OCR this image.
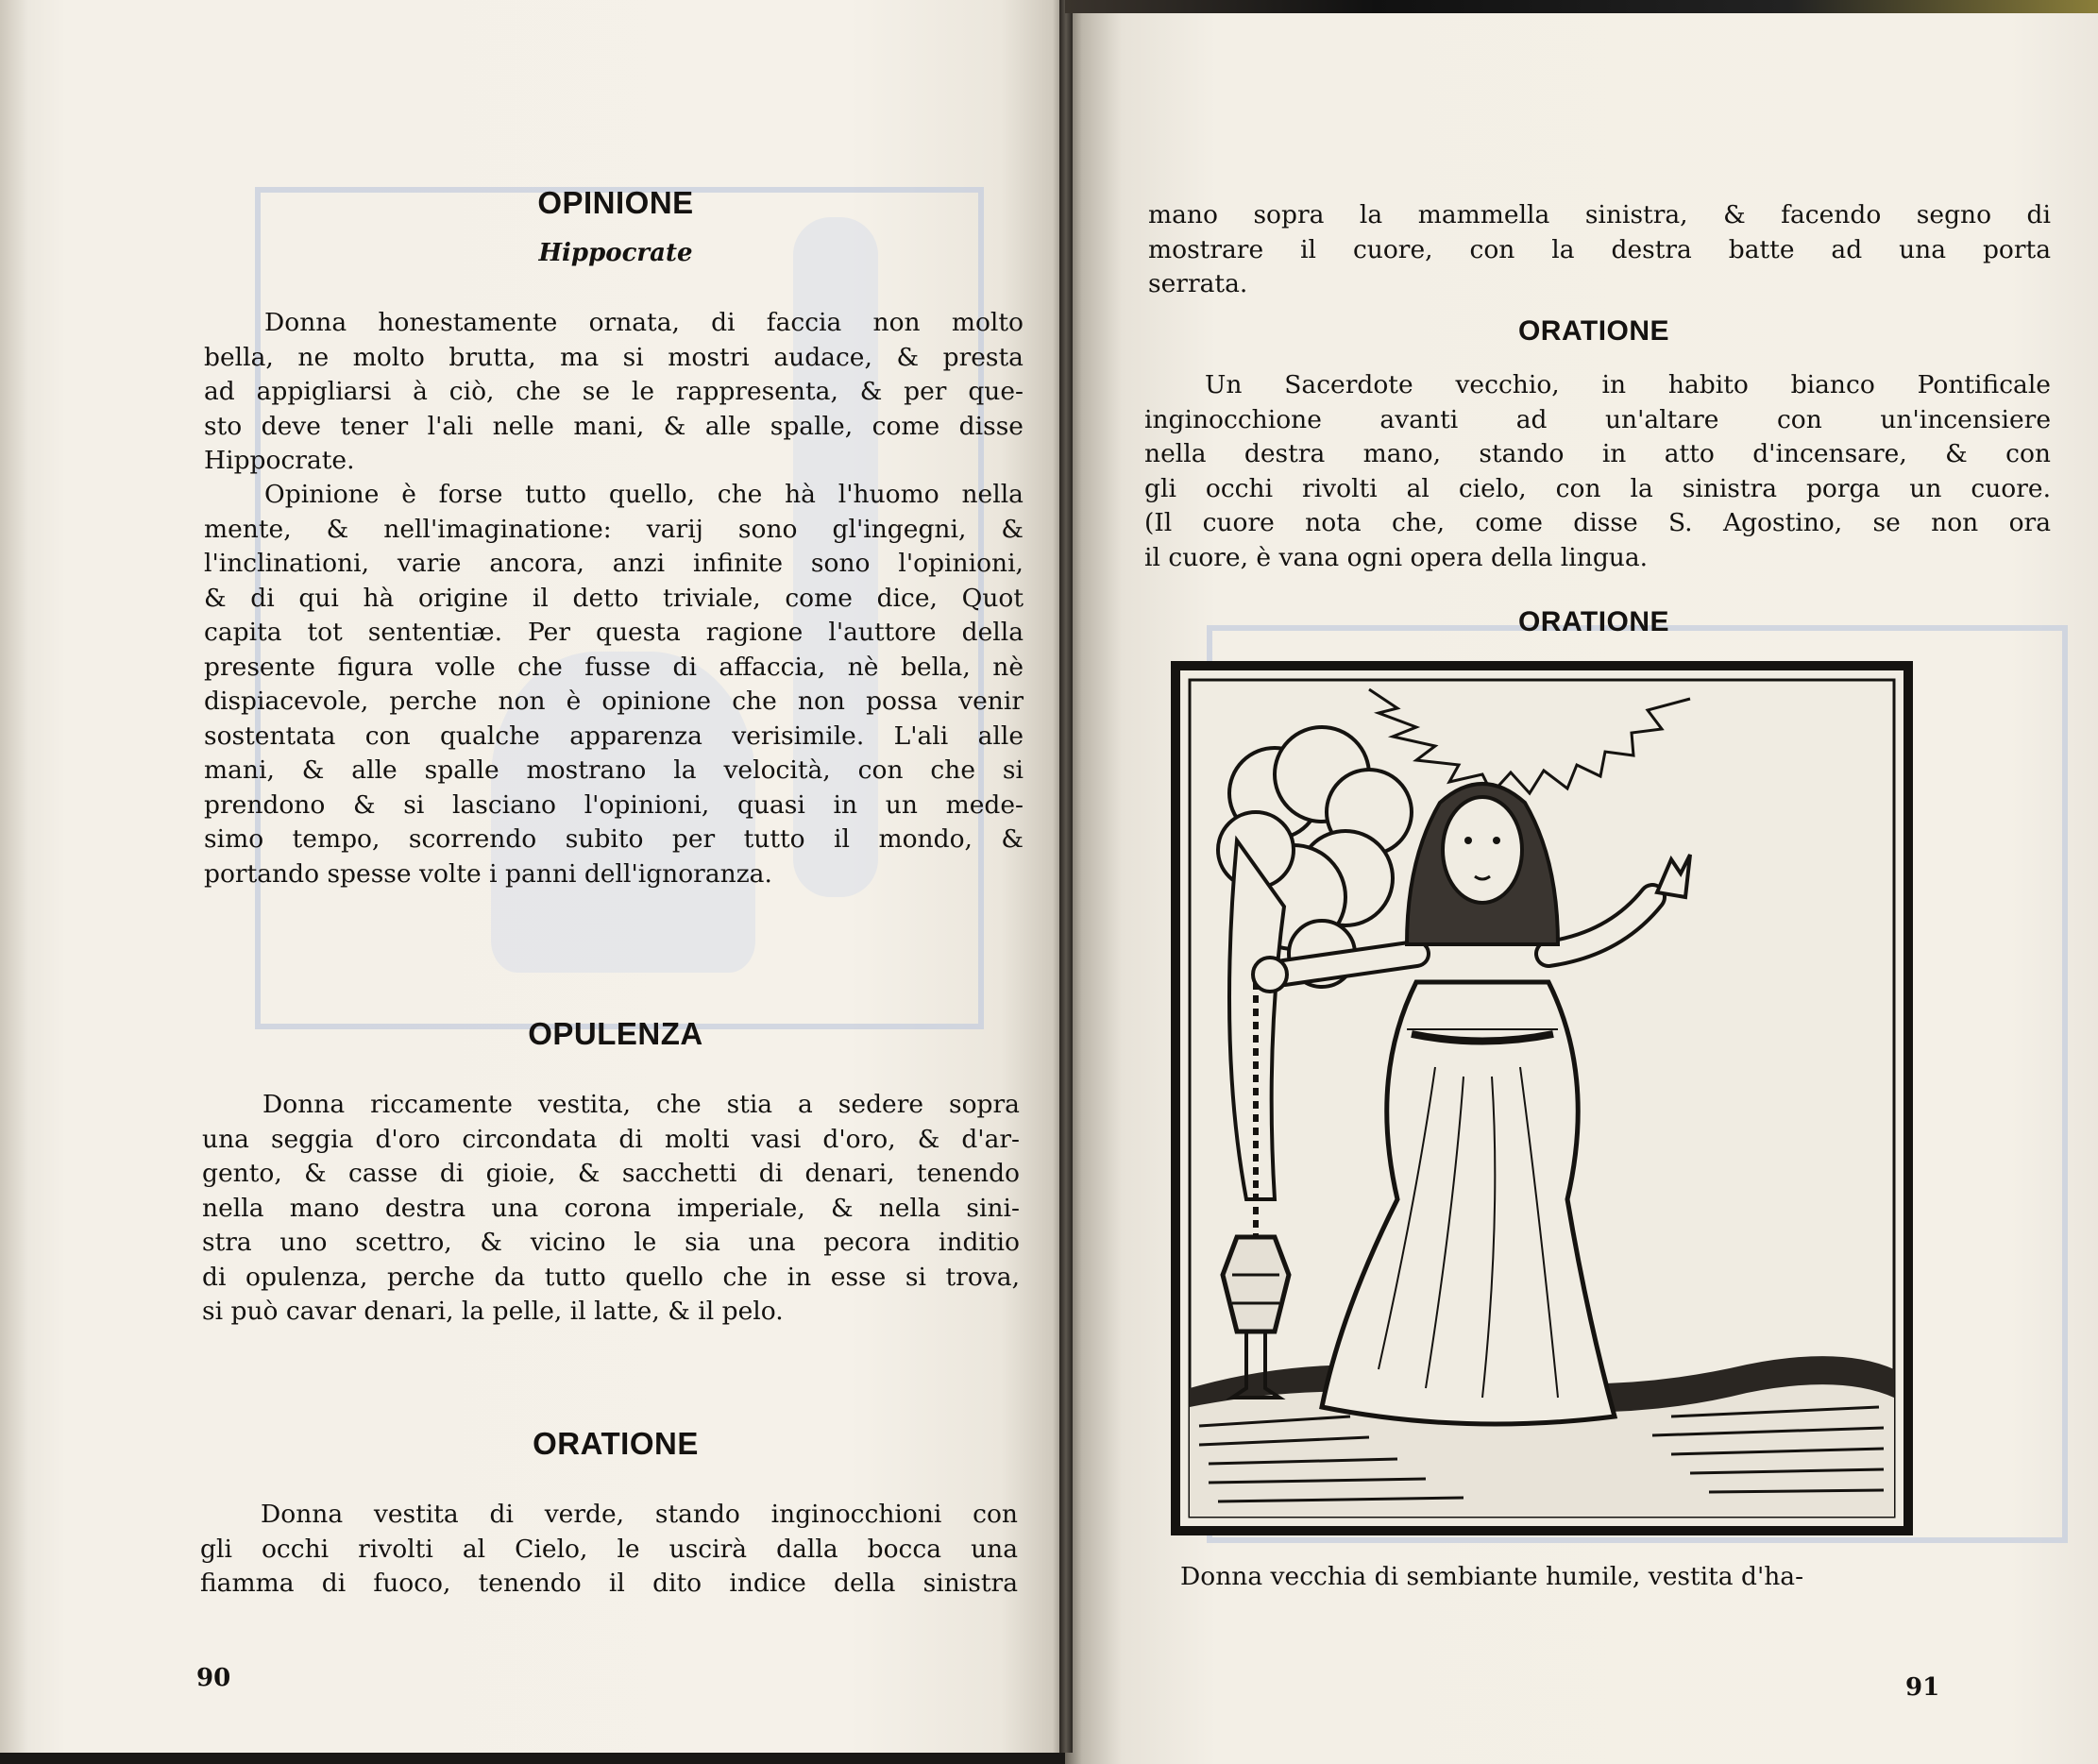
OPINIONE
Hippocrate
Donna honestamente ornata, di faccia non molto
bella, ne molto brutta, ma si mostri audace, & presta
ad appigliarsi à ciò, che se le rappresenta, & per que-
sto deve tener l'ali nelle mani, & alle spalle, come disse
Hippocrate.
Opinione è forse tutto quello, che hà l'huomo nella
mente, & nell'imaginatione: varij sono gl'ingegni, &
l'inclinationi, varie ancora, anzi infinite sono l'opinioni,
& di qui hà origine il detto triviale, come dice, Quot
capita tot sententiæ. Per questa ragione l'auttore della
presente figura volle che fusse di affaccia, nè bella, nè
dispiacevole, perche non è opinione che non possa venir
sostentata con qualche apparenza verisimile. L'ali alle
mani, & alle spalle mostrano la velocità, con che si
prendono & si lasciano l'opinioni, quasi in un mede-
simo tempo, scorrendo subito per tutto il mondo, &
portando spesse volte i panni dell'ignoranza.
OPULENZA
Donna riccamente vestita, che stia a sedere sopra
una seggia d'oro circondata di molti vasi d'oro, & d'ar-
gento, & casse di gioie, & sacchetti di denari, tenendo
nella mano destra una corona imperiale, & nella sini-
stra uno scettro, & vicino le sia una pecora inditio
di opulenza, perche da tutto quello che in esse si trova,
si può cavar denari, la pelle, il latte, & il pelo.
ORATIONE
Donna vestita di verde, stando inginocchioni con
gli occhi rivolti al Cielo, le uscirà dalla bocca una
fiamma di fuoco, tenendo il dito indice della sinistra
90
mano sopra la mammella sinistra, & facendo segno di
mostrare il cuore, con la destra batte ad una porta
serrata.
ORATIONE
Un Sacerdote vecchio, in habito bianco Pontificale
inginocchione avanti ad un'altare con un'incensiere
nella destra mano, stando in atto d'incensare, & con
gli occhi rivolti al cielo, con la sinistra porga un cuore.
(Il cuore nota che, come disse S. Agostino, se non ora
il cuore, è vana ogni opera della lingua.
ORATIONE
Donna vecchia di sembiante humile, vestita d'ha-
91
